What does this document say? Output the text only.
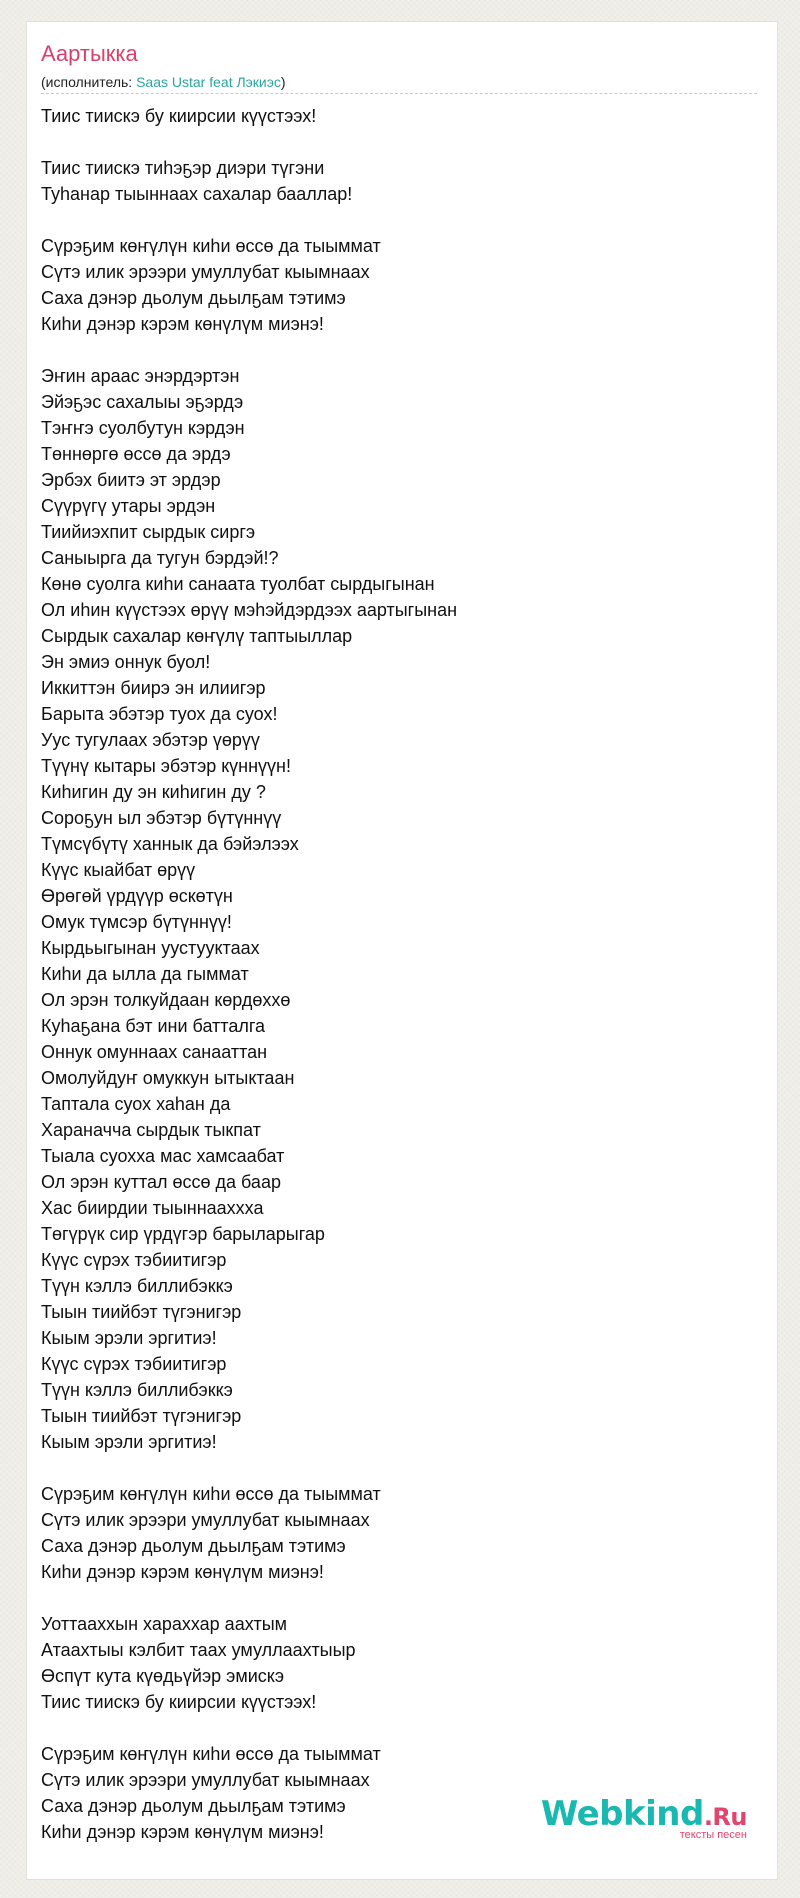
Аартыкка
(исполнитель: Saas Ustar feat Лэкиэс)
Тиис тиискэ бу киирсии күүстээх!
Тиис тиискэ тиһэҕэр диэри түгэни
Туһанар тыыннаах сахалар бааллар!
Сүрэҕим көҥүлүн киһи өссө да тыыммат
Сүтэ илик эрээри умуллубат кыымнаах
Саха дэнэр дьолум дьылҕам тэтимэ
Киһи дэнэр кэрэм көнүлүм миэнэ!
Эҥин араас энэрдэртэн
Эйэҕэс сахалыы эҕэрдэ
Тэҥҥэ суолбутун кэрдэн
Төннөргө өссө да эрдэ
Эрбэх биитэ эт эрдэр
Сүүрүгү утары эрдэн
Тиийиэхпит сырдык сиргэ
Саныырга да тугун бэрдэй!?
Көнө суолга киһи санаата туолбат сырдыгынан
Ол иһин күүстээх өрүү мэһэйдэрдээх аартыгынан
Сырдык сахалар көҥүлү таптыыллар
Эн эмиэ оннук буол!
Иккиттэн биирэ эн илиигэр
Барыта эбэтэр туох да суох!
Уус тугулаах эбэтэр үөрүү
Түүнү кытары эбэтэр күннүүн!
Киһигин ду эн киһигин ду ?
Сороҕун ыл эбэтэр бүтүннүү
Түмсүбүтү ханнык да бэйэлээх
Күүс кыайбат өрүү
Өрөгөй үрдүүр өскөтүн
Омук түмсэр бүтүннүү!
Кырдьыгынан уустууктаах
Киһи да ылла да гыммат
Ол эрэн толкуйдаан көрдөххө
Куһаҕана бэт ини батталга
Оннук омуннаах санааттан
Омолуйдуҥ омуккун ытыктаан
Таптала суох хаһан да
Хараначча сырдык тыкпат
Тыала суохха мас хамсаабат
Ол эрэн куттал өссө да баар
Хас биирдии тыыннааххха
Төгүрүк сир үрдүгэр барыларыгар
Күүс сүрэх тэбиитигэр
Түүн кэллэ биллибэккэ
Тыын тиийбэт түгэнигэр
Кыым эрэли эргитиэ!
Күүс сүрэх тэбиитигэр
Түүн кэллэ биллибэккэ
Тыын тиийбэт түгэнигэр
Кыым эрэли эргитиэ!
Сүрэҕим көҥүлүн киһи өссө да тыыммат
Сүтэ илик эрээри умуллубат кыымнаах
Саха дэнэр дьолум дьылҕам тэтимэ
Киһи дэнэр кэрэм көнүлүм миэнэ!
Уоттааххын хараххар аахтым
Атаахтыы кэлбит таах умуллаахтыыр
Өспүт кута күөдьүйэр эмискэ
Тиис тиискэ бу киирсии күүстээх!
Сүрэҕим көҥүлүн киһи өссө да тыыммат
Сүтэ илик эрээри умуллубат кыымнаах
Саха дэнэр дьолум дьылҕам тэтимэ
Киһи дэнэр кэрэм көнүлүм миэнэ!	Webkind.Ru
тексты песен
